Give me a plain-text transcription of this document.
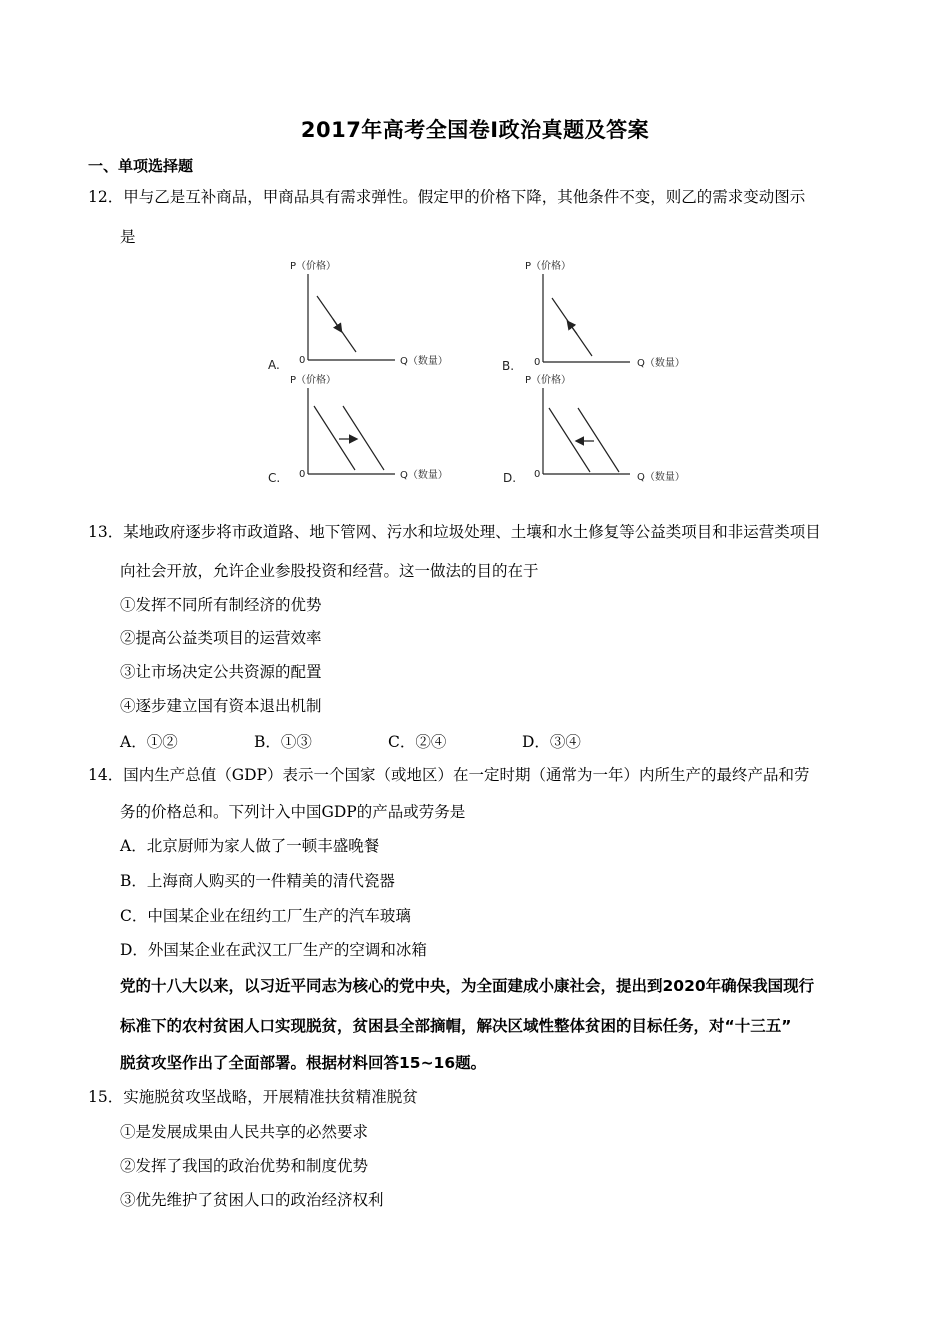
2017年高考全国卷Ⅰ政治真题及答案
一、单项选择题
12．甲与乙是互补商品，甲商品具有需求弹性。假定甲的价格下降，其他条件不变，则乙的需求变动图示
是
P（价格）
0	Q（数量）
A.
P（价格）
0	Q（数量）
B.
P（价格）
0	Q（数量）
C.
P（价格）
0	Q（数量）
D.
13．某地政府逐步将市政道路、地下管网、污水和垃圾处理、土壤和水土修复等公益类项目和非运营类项目
向社会开放，允许企业参股投资和经营。这一做法的目的在于
①发挥不同所有制经济的优势
②提高公益类项目的运营效率
③让市场决定公共资源的配置
④逐步建立国有资本退出机制
A．①②	B．①③	C．②④	D．③④
14．国内生产总值（GDP）表示一个国家（或地区）在一定时期（通常为一年）内所生产的最终产品和劳
务的价格总和。下列计入中国GDP的产品或劳务是
A．北京厨师为家人做了一顿丰盛晚餐
B．上海商人购买的一件精美的清代瓷器
C．中国某企业在纽约工厂生产的汽车玻璃
D．外国某企业在武汉工厂生产的空调和冰箱
党的十八大以来，以习近平同志为核心的党中央，为全面建成小康社会，提出到2020年确保我国现行
标准下的农村贫困人口实现脱贫，贫困县全部摘帽，解决区域性整体贫困的目标任务，对“十三五”
脱贫攻坚作出了全面部署。根据材料回答15~16题。
15．实施脱贫攻坚战略，开展精准扶贫精准脱贫
①是发展成果由人民共享的必然要求
②发挥了我国的政治优势和制度优势
③优先维护了贫困人口的政治经济权利
